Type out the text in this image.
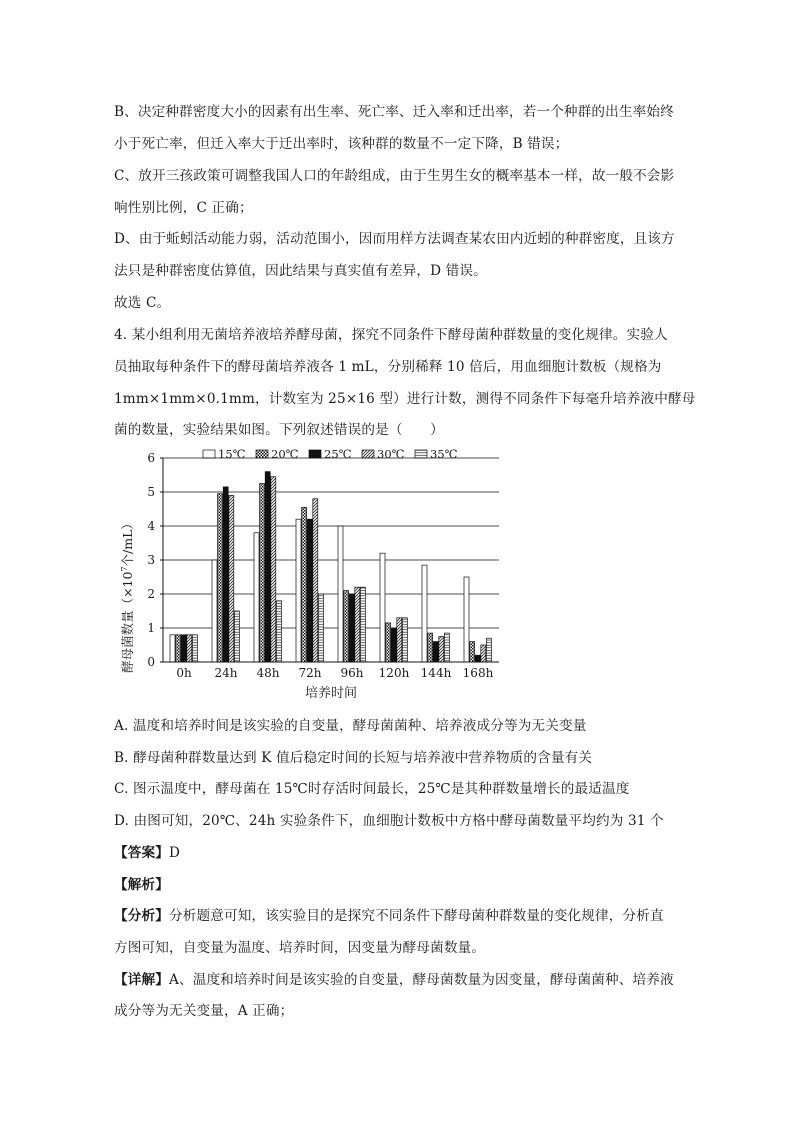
B、决定种群密度大小的因素有出生率、死亡率、迁入率和迁出率，若一个种群的出生率始终
小于死亡率，但迁入率大于迁出率时，该种群的数量不一定下降，B 错误；
C、放开三孩政策可调整我国人口的年龄组成，由于生男生女的概率基本一样，故一般不会影
响性别比例，C 正确；
D、由于蚯蚓活动能力弱，活动范围小，因而用样方法调查某农田内近蚓的种群密度，且该方
法只是种群密度估算值，因此结果与真实值有差异，D 错误。
故选 C。
4. 某小组利用无菌培养液培养酵母菌，探究不同条件下酵母菌种群数量的变化规律。实验人
员抽取每种条件下的酵母菌培养液各 1 mL，分别稀释 10 倍后，用血细胞计数板（规格为
1mm×1mm×0.1mm，计数室为 25×16 型）进行计数，测得不同条件下每毫升培养液中酵母
菌的数量，实验结果如图。下列叙述错误的是（　　）
15℃ 20℃ 25℃ 30℃ 35℃
0
1
2
3
4
5
6
0h 24h 48h 72h 96h 120h 144h 168h
培养时间
酵母菌数量（$\times 10^7$个/mL）
A. 温度和培养时间是该实验的自变量，酵母菌菌种、培养液成分等为无关变量
B. 酵母菌种群数量达到 K 值后稳定时间的长短与培养液中营养物质的含量有关
C. 图示温度中，酵母菌在 15℃时存活时间最长，25℃是其种群数量增长的最适温度
D. 由图可知，20℃、24h 实验条件下，血细胞计数板中方格中酵母菌数量平均约为 31 个
【答案】D
【解析】
【分析】分析题意可知，该实验目的是探究不同条件下酵母菌种群数量的变化规律，分析直
方图可知，自变量为温度、培养时间，因变量为酵母菌数量。
【详解】A、温度和培养时间是该实验的自变量，酵母菌数量为因变量，酵母菌菌种、培养液
成分等为无关变量，A 正确；
